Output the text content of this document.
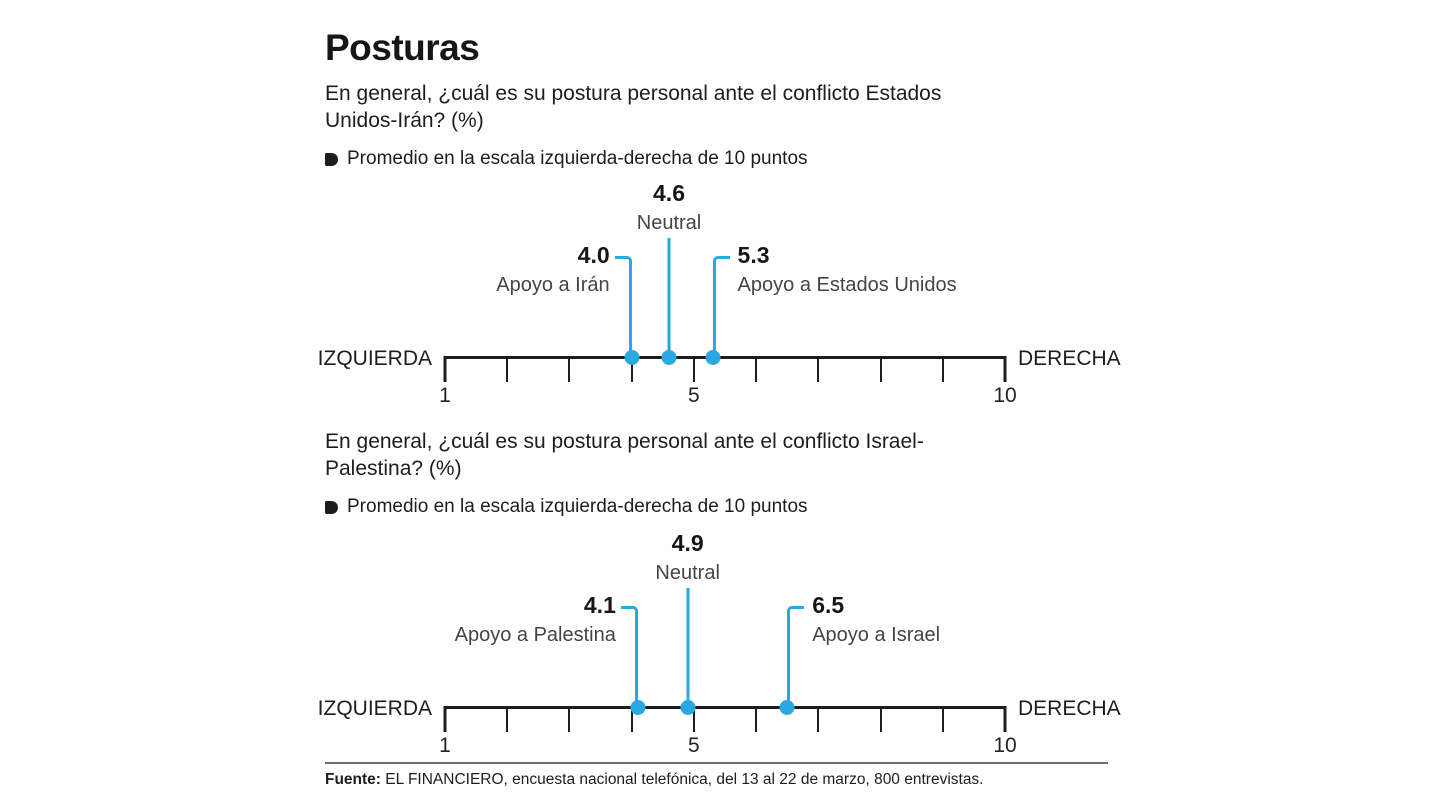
Posturas
En general, ¿cuál es su postura personal ante el conflicto Estados Unidos-Irán? (%)
Promedio en la escala izquierda-derecha de 10 puntos
IZQUIERDA	DERECHA
4.6
Neutral
4.0
Apoyo a Irán
5.3
Apoyo a Estados Unidos
1	5	10
En general, ¿cuál es su postura personal ante el conflicto Israel-Palestina? (%)
Promedio en la escala izquierda-derecha de 10 puntos
IZQUIERDA	DERECHA
4.9
Neutral
4.1
Apoyo a Palestina
6.5
Apoyo a Israel
1	5	10
Fuente: EL FINANCIERO, encuesta nacional telefónica, del 13 al 22 de marzo, 800 entrevistas.
